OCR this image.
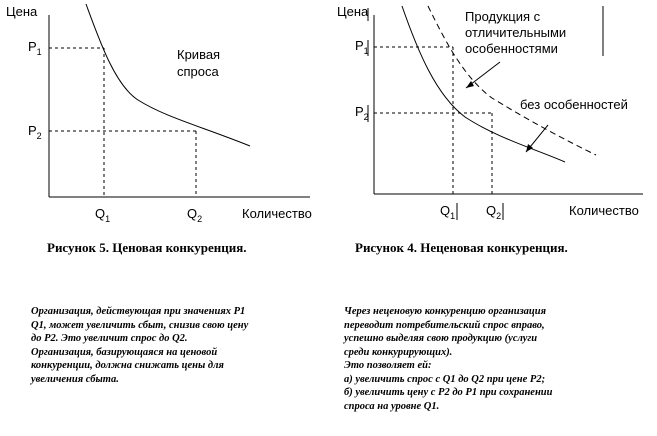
Цена
Количество
$P_1$
$P_2$
$Q_1$	$Q_2$
Кривая
спроса
Цена
Количество
$P_1$
$P_2$
$Q_1$ $Q_2$
Продукция с
отличительными
особенностями
без особенностей
Рисунок 5. Ценовая конкуренция.	Рисунок 4. Неценовая конкуренция.

Организация, действующая при значениях P1

Q1, может увеличить сбыт, снизив свою цену

до P2. Это увеличит спрос до Q2.

Организация, базирующаяся на ценовой

конкуренции, должна снижать цены для

увеличения сбыта.

Через неценовую конкуренцию организация

переводит потребительский спрос вправо,

успешно выделяя свою продукцию (услуги

среди конкурирующих).

Это позволяет ей:

а) увеличить спрос с Q1 до Q2 при цене P2;

б) увеличить цену с P2 до P1 при сохранении

спроса на уровне Q1.
